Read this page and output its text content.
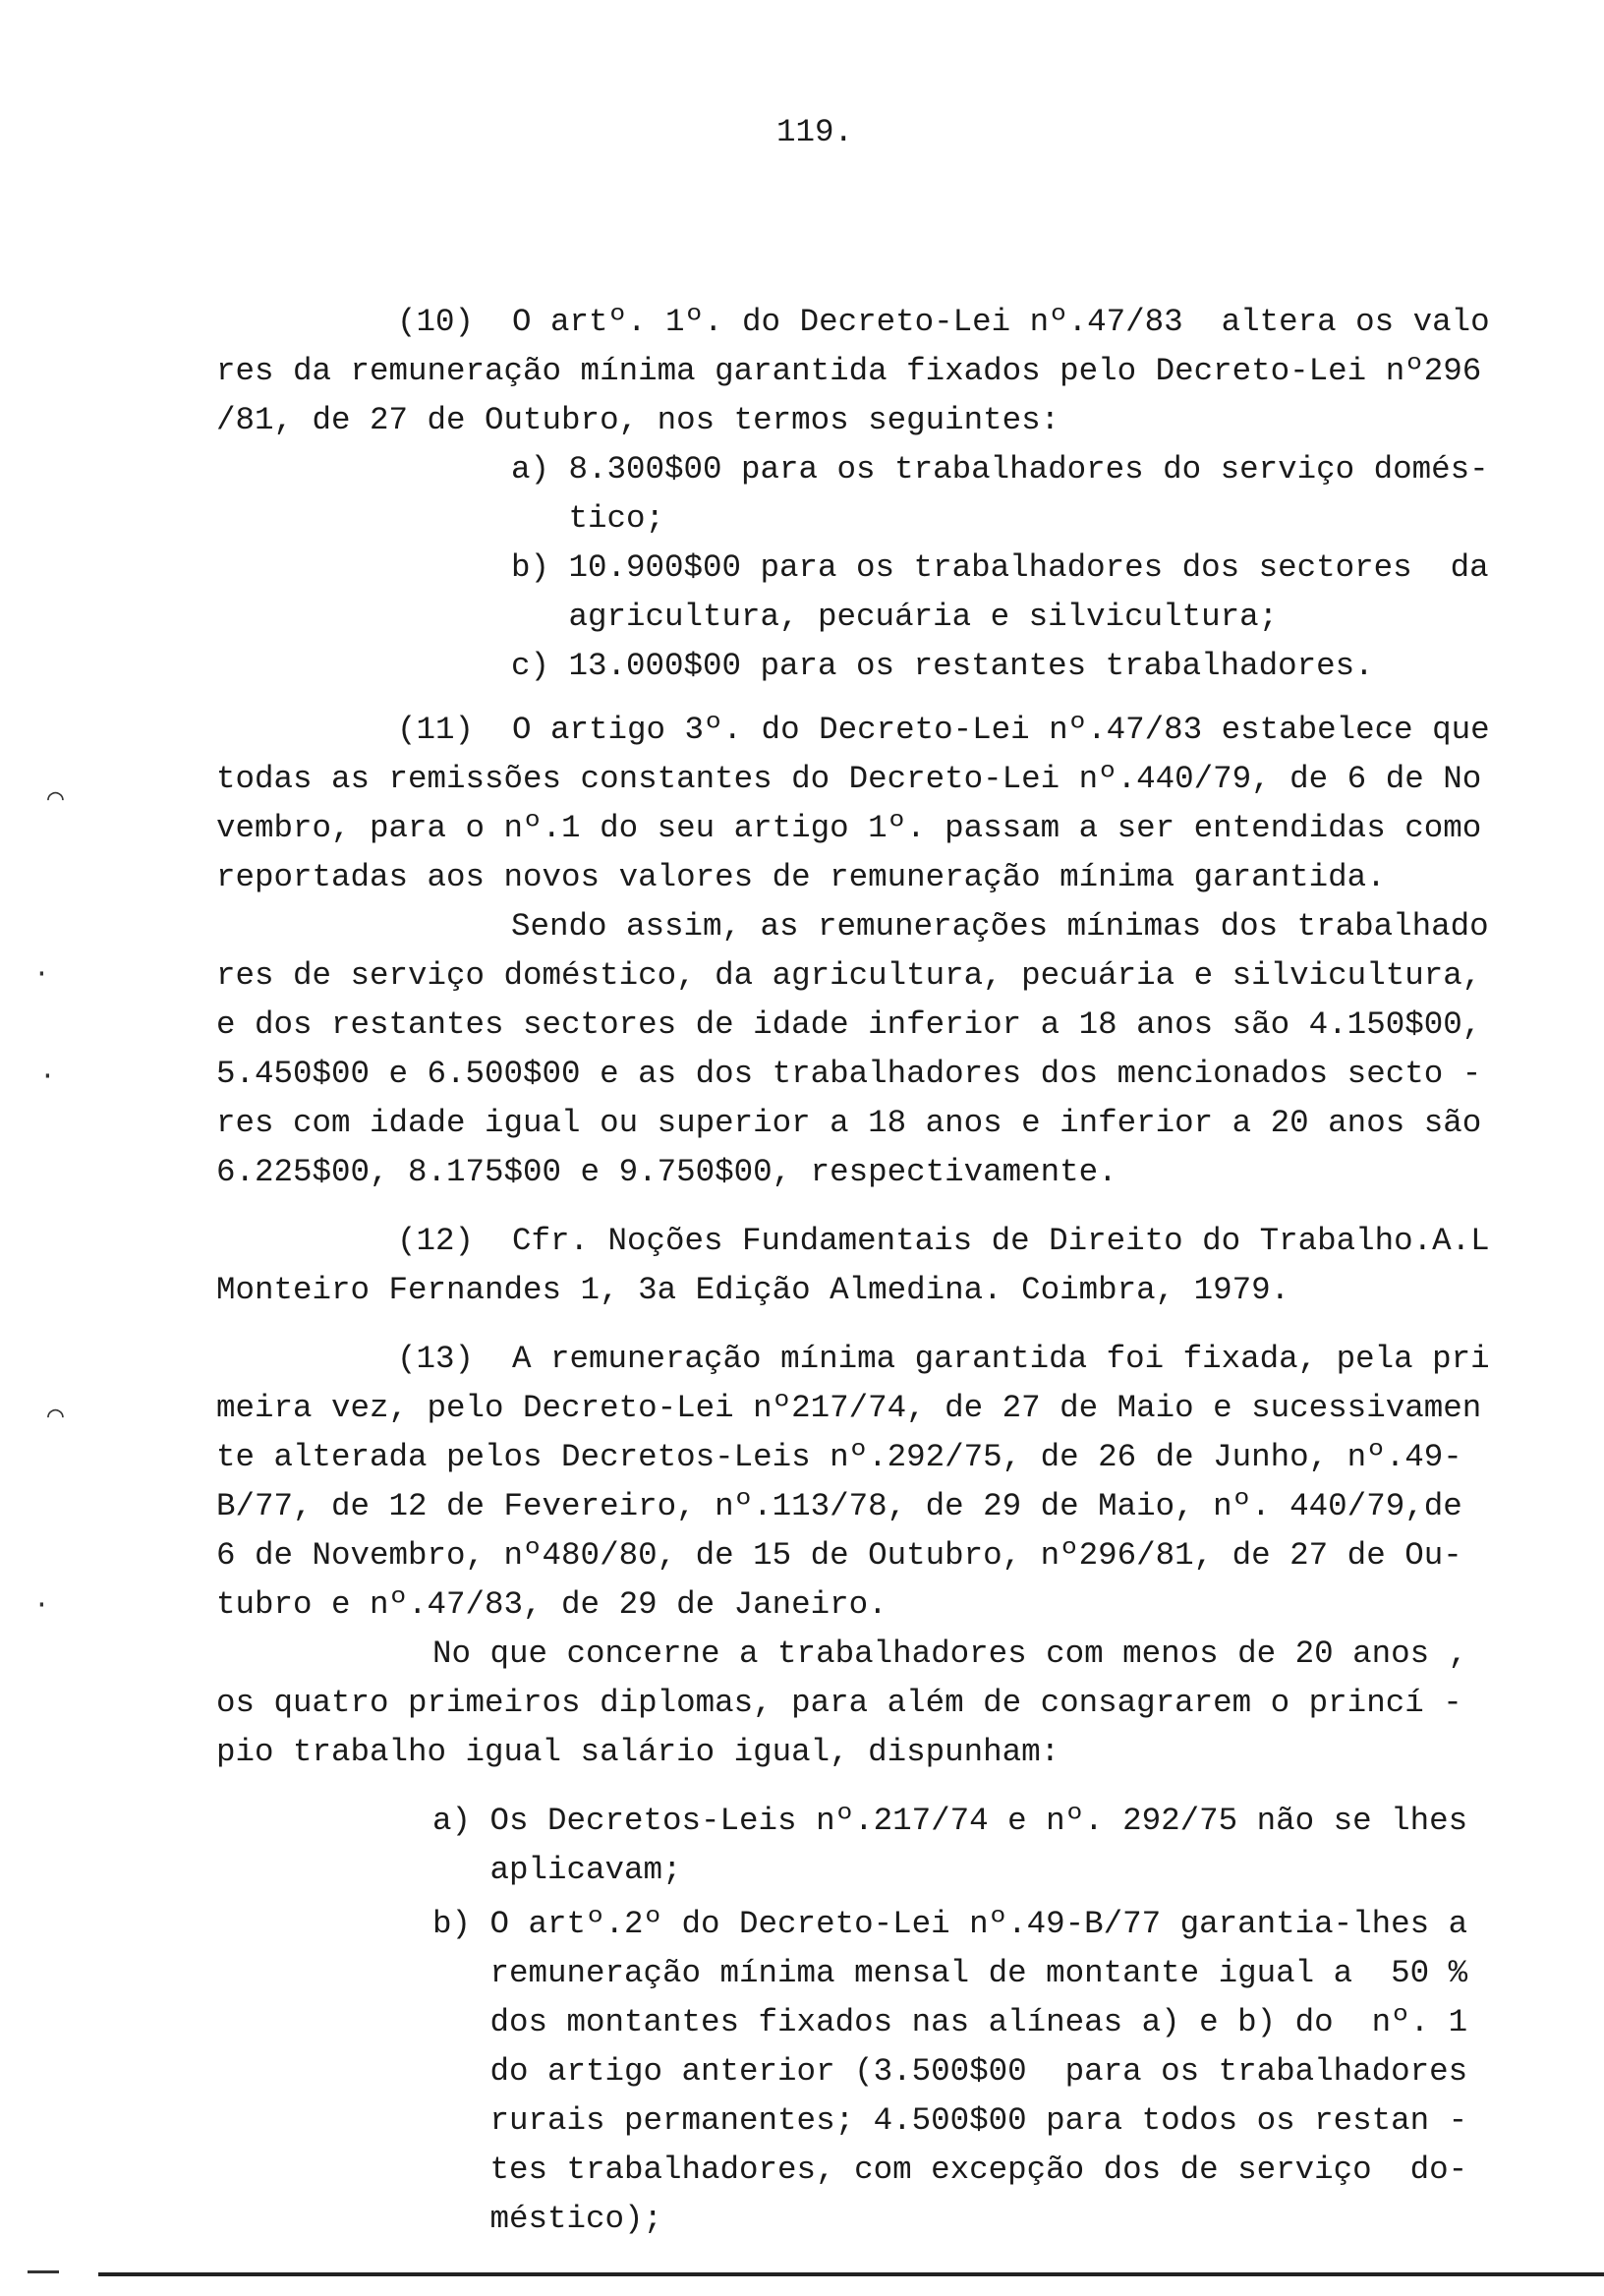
119.
(10)  O artº. 1º. do Decreto-Lei nº.47/83  altera os valo
res da remuneração mínima garantida fixados pelo Decreto-Lei nº296
/81, de 27 de Outubro, nos termos seguintes:
a) 8.300$00 para os trabalhadores do serviço domés-
tico;
b) 10.900$00 para os trabalhadores dos sectores  da
agricultura, pecuária e silvicultura;
c) 13.000$00 para os restantes trabalhadores.
(11)  O artigo 3º. do Decreto-Lei nº.47/83 estabelece que
todas as remissões constantes do Decreto-Lei nº.440/79, de 6 de No
vembro, para o nº.1 do seu artigo 1º. passam a ser entendidas como
reportadas aos novos valores de remuneração mínima garantida.
Sendo assim, as remunerações mínimas dos trabalhado
res de serviço doméstico, da agricultura, pecuária e silvicultura,
e dos restantes sectores de idade inferior a 18 anos são 4.150$00,
5.450$00 e 6.500$00 e as dos trabalhadores dos mencionados secto -
res com idade igual ou superior a 18 anos e inferior a 20 anos são
6.225$00, 8.175$00 e 9.750$00, respectivamente.
(12)  Cfr. Noções Fundamentais de Direito do Trabalho.A.L
Monteiro Fernandes 1, 3a Edição Almedina. Coimbra, 1979.
(13)  A remuneração mínima garantida foi fixada, pela pri
meira vez, pelo Decreto-Lei nº217/74, de 27 de Maio e sucessivamen
te alterada pelos Decretos-Leis nº.292/75, de 26 de Junho, nº.49-
B/77, de 12 de Fevereiro, nº.113/78, de 29 de Maio, nº. 440/79,de
6 de Novembro, nº480/80, de 15 de Outubro, nº296/81, de 27 de Ou-
tubro e nº.47/83, de 29 de Janeiro.
No que concerne a trabalhadores com menos de 20 anos ,
os quatro primeiros diplomas, para além de consagrarem o princí -
pio trabalho igual salário igual, dispunham:
a) Os Decretos-Leis nº.217/74 e nº. 292/75 não se lhes
aplicavam;
b) O artº.2º do Decreto-Lei nº.49-B/77 garantia-lhes a
remuneração mínima mensal de montante igual a  50 %
dos montantes fixados nas alíneas a) e b) do  nº. 1
do artigo anterior (3.500$00  para os trabalhadores
rurais permanentes; 4.500$00 para todos os restan -
tes trabalhadores, com excepção dos de serviço  do-
méstico);
⌒
⌒
·
·
·
